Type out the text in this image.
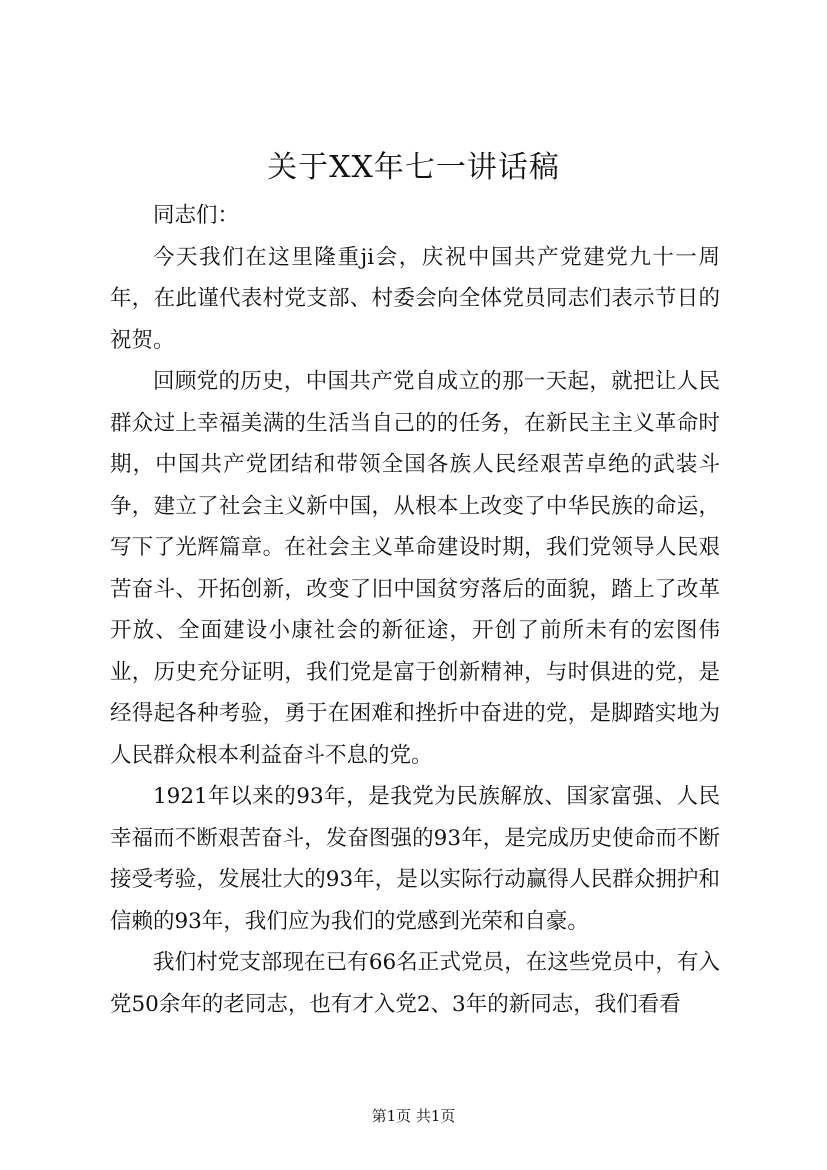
关于XX年七一讲话稿

同志们：

今天我们在这里隆重ji会，庆祝中国共产党建党九十一周年，在此谨代表村党支部、村委会向全体党员同志们表示节日的祝贺。

回顾党的历史，中国共产党自成立的那一天起，就把让人民群众过上幸福美满的生活当自己的的任务，在新民主主义革命时期，中国共产党团结和带领全国各族人民经艰苦卓绝的武装斗争，建立了社会主义新中国，从根本上改变了中华民族的命运，写下了光辉篇章。在社会主义革命建设时期，我们党领导人民艰苦奋斗、开拓创新，改变了旧中国贫穷落后的面貌，踏上了改革开放、全面建设小康社会的新征途，开创了前所未有的宏图伟业，历史充分证明，我们党是富于创新精神，与时俱进的党，是经得起各种考验，勇于在困难和挫折中奋进的党，是脚踏实地为人民群众根本利益奋斗不息的党。

1921年以来的93年，是我党为民族解放、国家富强、人民幸福而不断艰苦奋斗，发奋图强的93年，是完成历史使命而不断接受考验，发展壮大的93年，是以实际行动赢得人民群众拥护和信赖的93年，我们应为我们的党感到光荣和自豪。

我们村党支部现在已有66名正式党员，在这些党员中，有入党50余年的老同志，也有才入党2、3年的新同志，我们看看

第1页 共1页
